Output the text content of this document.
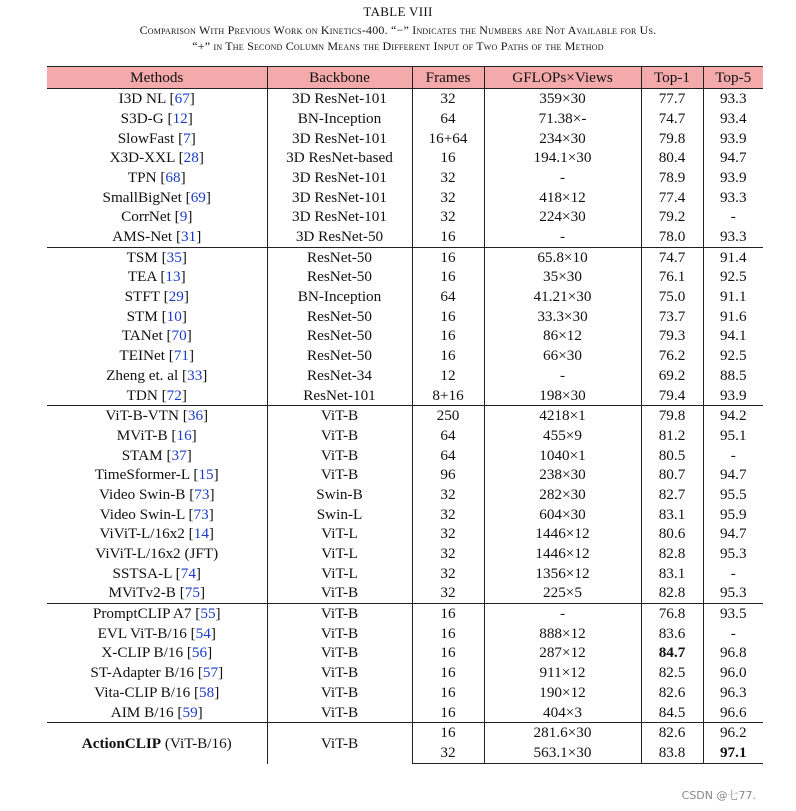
TABLE VIII
Comparison With Previous Work on Kinetics-400. “−” Indicates the Numbers are Not Available for Us.
“+” in The Second Column Means the Different Input of Two Paths of the Method
Methods	Backbone	Frames	GFLOPs×Views	Top-1	Top-5
I3D NL [67]	3D ResNet-101	32	359×30	77.7	93.3
S3D-G [12]	BN-Inception	64	71.38×-	74.7	93.4
SlowFast [7]	3D ResNet-101	16+64	234×30	79.8	93.9
X3D-XXL [28]	3D ResNet-based	16	194.1×30	80.4	94.7
TPN [68]	3D ResNet-101	32	-	78.9	93.9
SmallBigNet [69]	3D ResNet-101	32	418×12	77.4	93.3
CorrNet [9]	3D ResNet-101	32	224×30	79.2	-
AMS-Net [31]	3D ResNet-50	16	-	78.0	93.3
TSM [35]	ResNet-50	16	65.8×10	74.7	91.4
TEA [13]	ResNet-50	16	35×30	76.1	92.5
STFT [29]	BN-Inception	64	41.21×30	75.0	91.1
STM [10]	ResNet-50	16	33.3×30	73.7	91.6
TANet [70]	ResNet-50	16	86×12	79.3	94.1
TEINet [71]	ResNet-50	16	66×30	76.2	92.5
Zheng et. al [33]	ResNet-34	12	-	69.2	88.5
TDN [72]	ResNet-101	8+16	198×30	79.4	93.9
ViT-B-VTN [36]	ViT-B	250	4218×1	79.8	94.2
MViT-B [16]	ViT-B	64	455×9	81.2	95.1
STAM [37]	ViT-B	64	1040×1	80.5	-
TimeSformer-L [15]	ViT-B	96	238×30	80.7	94.7
Video Swin-B [73]	Swin-B	32	282×30	82.7	95.5
Video Swin-L [73]	Swin-L	32	604×30	83.1	95.9
ViViT-L/16x2 [14]	ViT-L	32	1446×12	80.6	94.7
ViViT-L/16x2 (JFT)	ViT-L	32	1446×12	82.8	95.3
SSTSA-L [74]	ViT-L	32	1356×12	83.1	-
MViTv2-B [75]	ViT-B	32	225×5	82.8	95.3
PromptCLIP A7 [55]	ViT-B	16	-	76.8	93.5
EVL ViT-B/16 [54]	ViT-B	16	888×12	83.6	-
X-CLIP B/16 [56]	ViT-B	16	287×12	84.7	96.8
ST-Adapter B/16 [57]	ViT-B	16	911×12	82.5	96.0
Vita-CLIP B/16 [58]	ViT-B	16	190×12	82.6	96.3
AIM B/16 [59]	ViT-B	16	404×3	84.5	96.6
ActionCLIP (ViT-B/16)	ViT-B	16	281.6×30	82.6	96.2
		32	563.1×30	83.8	97.1
CSDN @七77.
